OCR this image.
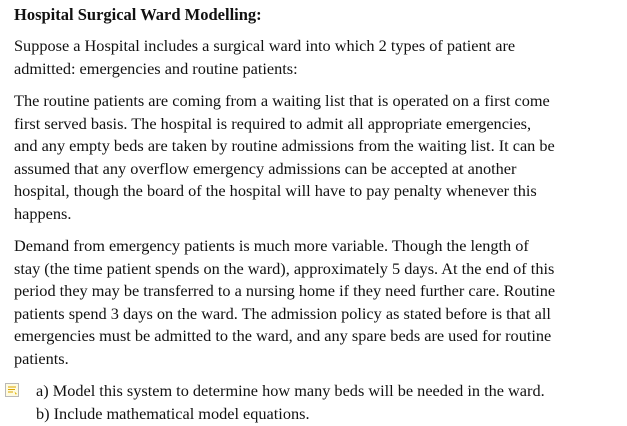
Hospital Surgical Ward Modelling:
Suppose a Hospital includes a surgical ward into which 2 types of patient are
admitted: emergencies and routine patients:
The routine patients are coming from a waiting list that is operated on a first come
first served basis. The hospital is required to admit all appropriate emergencies,
and any empty beds are taken by routine admissions from the waiting list. It can be
assumed that any overflow emergency admissions can be accepted at another
hospital, though the board of the hospital will have to pay penalty whenever this
happens.
Demand from emergency patients is much more variable. Though the length of
stay (the time patient spends on the ward), approximately 5 days. At the end of this
period they may be transferred to a nursing home if they need further care. Routine
patients spend 3 days on the ward. The admission policy as stated before is that all
emergencies must be admitted to the ward, and any spare beds are used for routine
patients.
a) Model this system to determine how many beds will be needed in the ward.
b) Include mathematical model equations.
